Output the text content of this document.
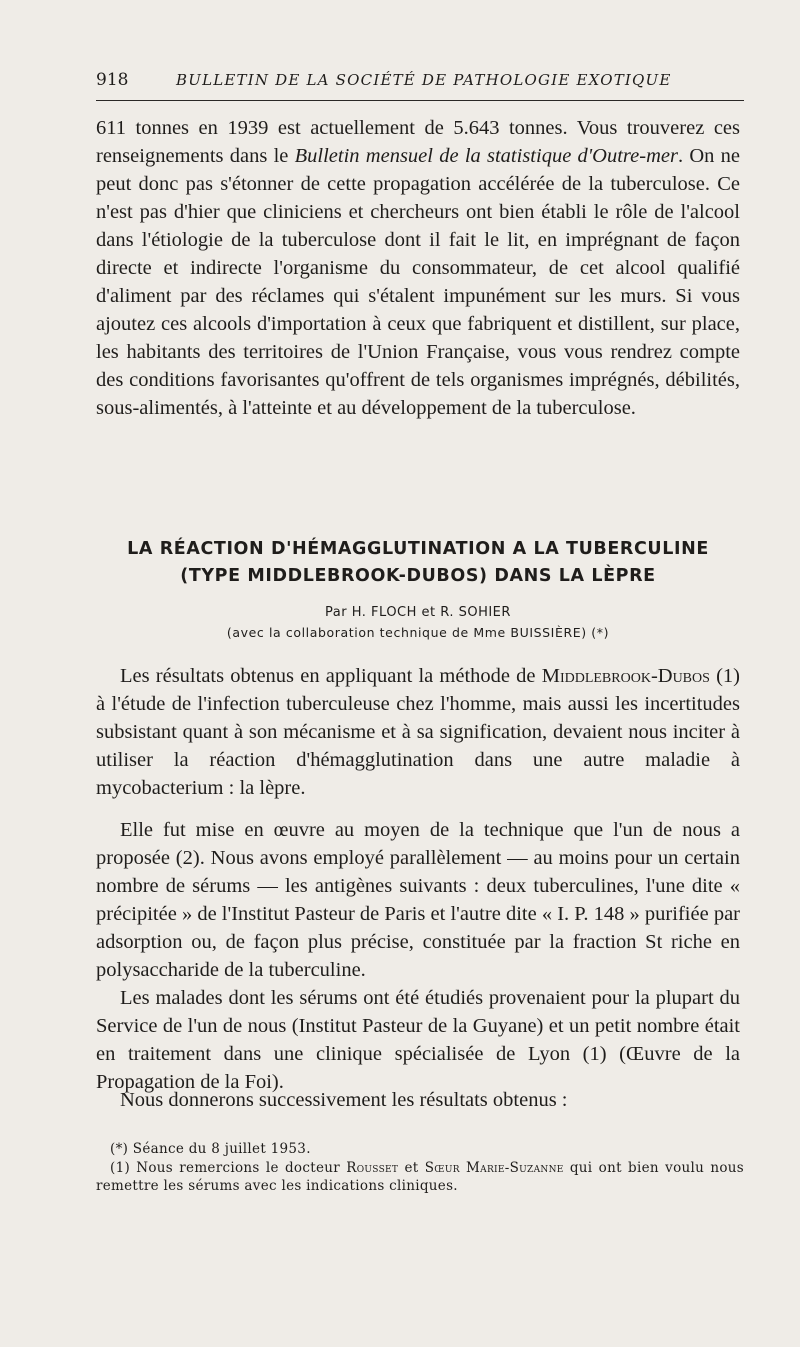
918	BULLETIN DE LA SOCIÉTÉ DE PATHOLOGIE EXOTIQUE

611 tonnes en 1939 est actuellement de 5.643 tonnes. Vous trouverez ces renseignements dans le Bulletin mensuel de la statistique d'Outre-mer. On ne peut donc pas s'étonner de cette propagation accélérée de la tuberculose. Ce n'est pas d'hier que cliniciens et chercheurs ont bien établi le rôle de l'alcool dans l'étiologie de la tuberculose dont il fait le lit, en imprégnant de façon directe et indirecte l'organisme du consommateur, de cet alcool qualifié d'aliment par des réclames qui s'étalent impunément sur les murs. Si vous ajoutez ces alcools d'importation à ceux que fabriquent et distillent, sur place, les habitants des territoires de l'Union Française, vous vous rendrez compte des conditions favorisantes qu'offrent de tels organismes imprégnés, débilités, sous-alimentés, à l'atteinte et au développement de la tuberculose.

LA RÉACTION D'HÉMAGGLUTINATION A LA TUBERCULINE
(TYPE MIDDLEBROOK-DUBOS) DANS LA LÈPRE
Par H. FLOCH et R. SOHIER
(avec la collaboration technique de Mme BUISSIÈRE) (*)

Les résultats obtenus en appliquant la méthode de Middlebrook-Dubos (1) à l'étude de l'infection tuberculeuse chez l'homme, mais aussi les incertitudes subsistant quant à son mécanisme et à sa signification, devaient nous inciter à utiliser la réaction d'hémagglutination dans une autre maladie à mycobacterium : la lèpre.

Elle fut mise en œuvre au moyen de la technique que l'un de nous a proposée (2). Nous avons employé parallèlement — au moins pour un certain nombre de sérums — les antigènes suivants : deux tuberculines, l'une dite « précipitée » de l'Institut Pasteur de Paris et l'autre dite « I. P. 148 » purifiée par adsorption ou, de façon plus précise, constituée par la fraction St riche en polysaccharide de la tuberculine.

Les malades dont les sérums ont été étudiés provenaient pour la plupart du Service de l'un de nous (Institut Pasteur de la Guyane) et un petit nombre était en traitement dans une clinique spécialisée de Lyon (1) (Œuvre de la Propagation de la Foi).

Nous donnerons successivement les résultats obtenus :

(*) Séance du 8 juillet 1953.
(1) Nous remercions le docteur Rousset et Sœur Marie-Suzanne qui ont bien voulu nous remettre les sérums avec les indications cliniques.
